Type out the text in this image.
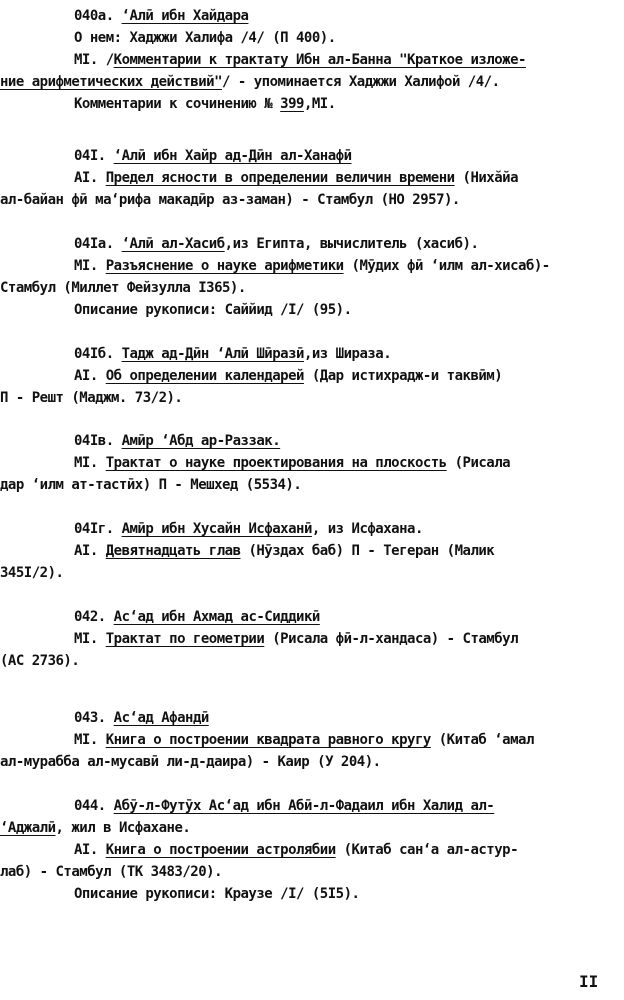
040а. ʻАлӣ ибн Хайдара
О нем: Хаджжи Халифа /4/ (П 400).
MI. /Комментарии к трактату Ибн ал-Банна "Краткое изложе-
ние арифметических действий"/ - упоминается Хаджжи Халифой /4/.
Комментарии к сочинению № 399,MI.
04I. ʻАлӣ ибн Хайр ад-Дӣн ал-Ханафӣ
AI. Предел ясности в определении величин времени (Нихӑйа
ал-байан фӣ маʻрифа макадӣр аз-заман) - Стамбул (НО 2957).
04Iа. ʻАлӣ ал-Хасиб,из Египта, вычислитель (хасиб).
MI. Разъяснение о науке арифметики (Мӯдих фӣ ʻилм ал-хисаб)-
Стамбул (Миллет Фейзулла I365).
Описание рукописи: Саййид /I/ (95).
04Iб. Тадж ад-Дӣн ʻАлӣ Шӣразӣ,из Шираза.
AI. Об определении календарей (Дар истихрадж-и таквӣм)
П - Решт (Маджм. 73/2).
04Iв. Амӣр ʻАбд ар-Раззак.
MI. Трактат о науке проектирования на плоскость (Рисала
дар ʻилм ат-тастӣх) П - Мешхед (5534).
04Iг. Амӣр ибн Хусайн Исфаханӣ, из Исфахана.
AI. Девятнадцать глав (Нӯздах баб) П - Тегеран (Малик
345I/2).
042. Асʻад ибн Ахмад ас-Сиддикӣ
MI. Трактат по геометрии (Рисала фӣ-л-хандаса) - Стамбул
(АС 2736).
043. Асʻад Афандӣ
MI. Книга о построении квадрата равного кругу (Китаб ʻамал
ал-мурабба ал-мусавӣ ли-д-даира) - Каир (У 204).
044. Абӯ-л-Футӯх Асʻад ибн Абӣ-л-Фадаил ибн Халид ал-
ʻАджалӣ, жил в Исфахане.
AI. Книга о построении астролябии (Китаб санʻа ал-астур-
лаб) - Стамбул (ТК 3483/20).
Описание рукописи: Краузе /I/ (5I5).
II
